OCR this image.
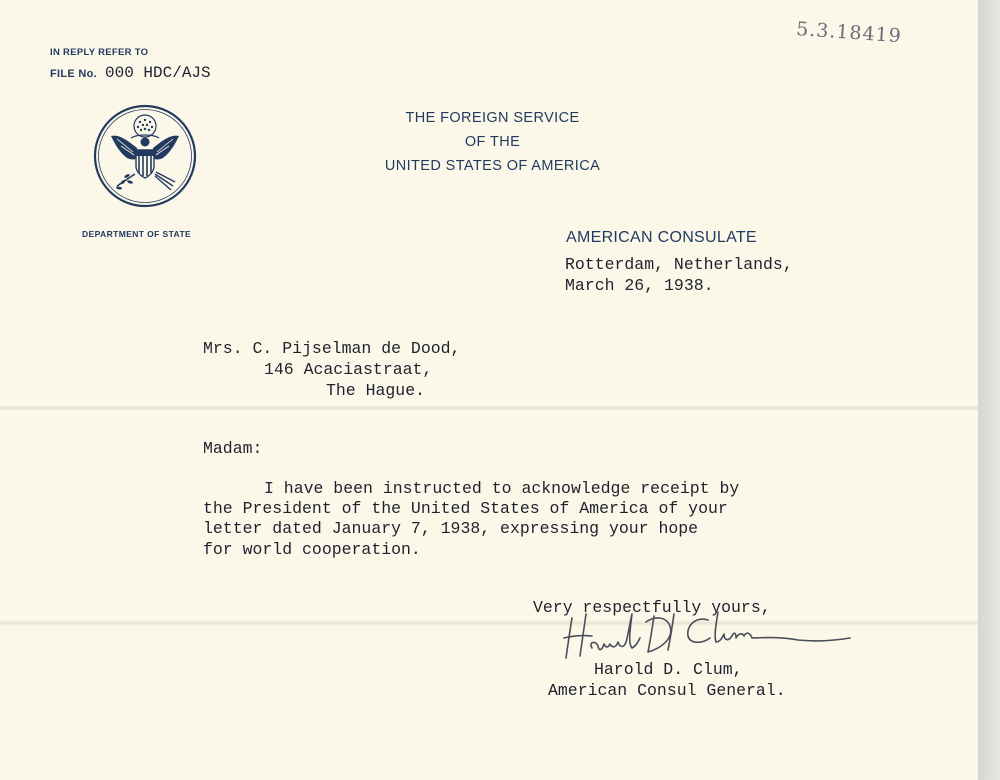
IN REPLY REFER TO
FILE No. 000 HDC/AJS
5.3.18419
DEPARTMENT OF STATE
THE FOREIGN SERVICE
OF THE
UNITED STATES OF AMERICA
AMERICAN CONSULATE
Rotterdam, Netherlands,
March 26, 1938.
Mrs. C. Pijselman de Dood,
146 Acaciastraat,
The Hague.
Madam:
I have been instructed to acknowledge receipt by
the President of the United States of America of your
letter dated January 7, 1938, expressing your hope
for world cooperation.
Very respectfully yours,
Harold D. Clum,
American Consul General.
